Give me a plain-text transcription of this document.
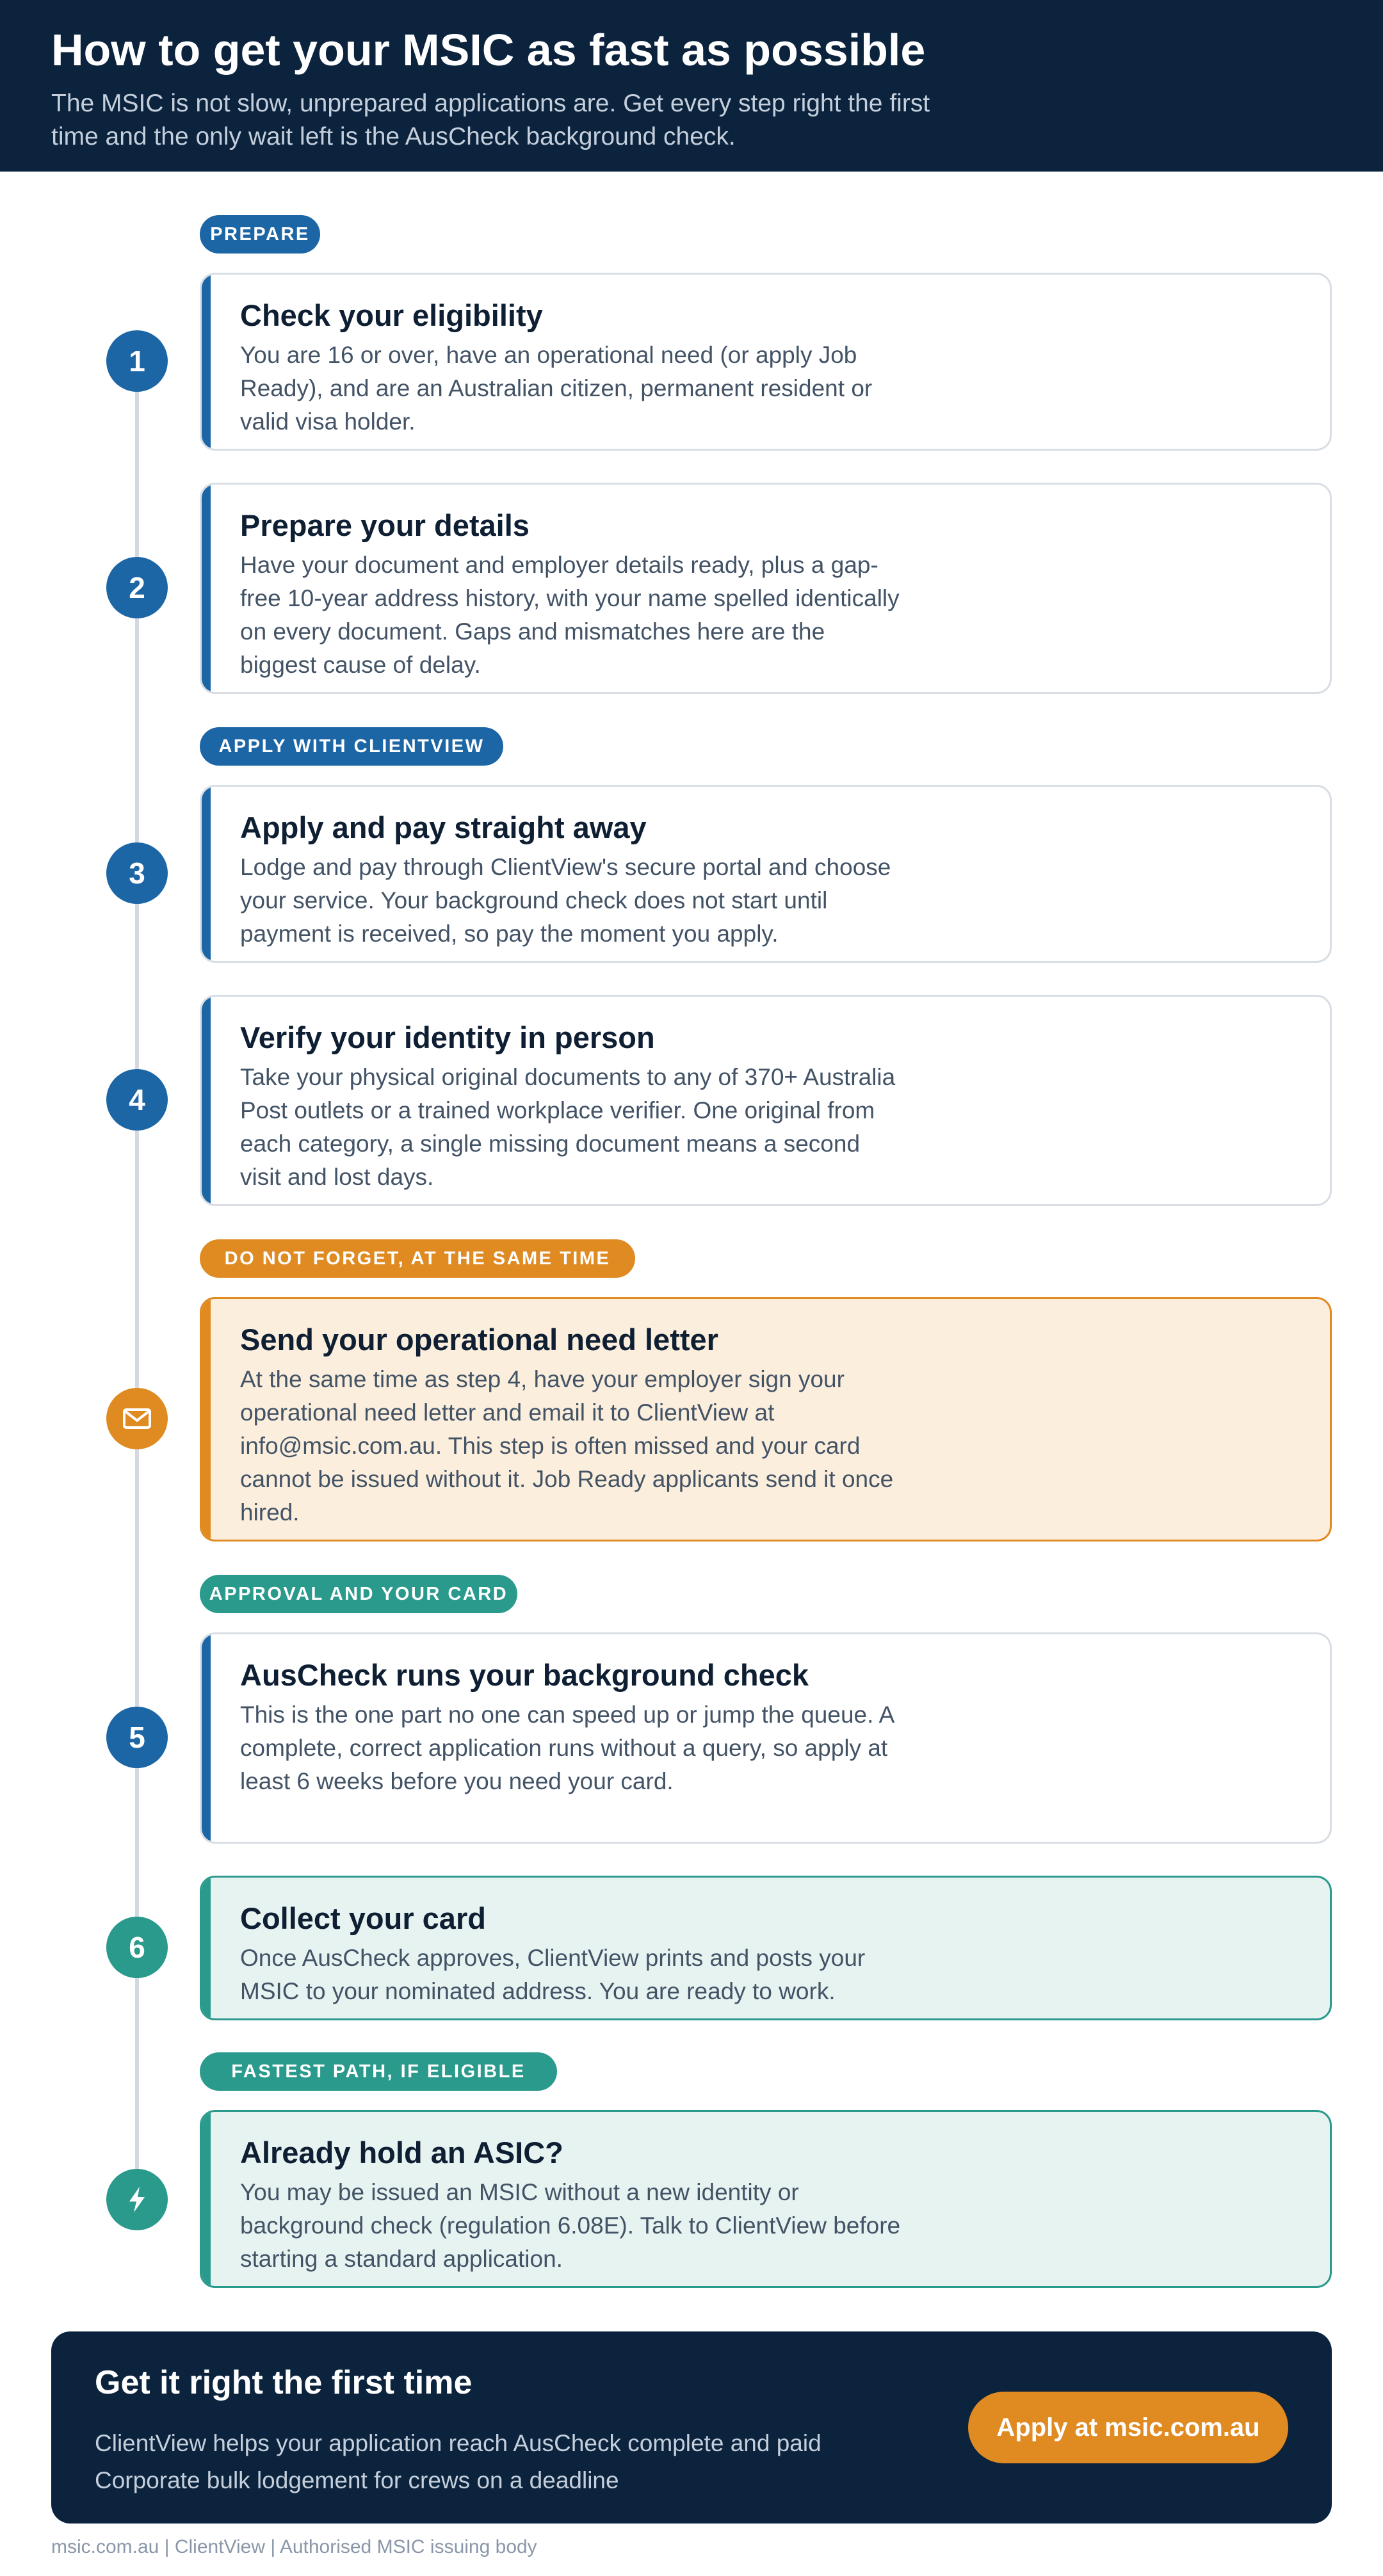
How to get your MSIC as fast as possible

The MSIC is not slow, unprepared applications are. Get every step right the first time and the only wait left is the AusCheck background check.

PREPARE
1
Check your eligibility

You are 16 or over, have an operational need (or apply Job Ready), and are an Australian citizen, permanent resident or valid visa holder.

2
Prepare your details

Have your document and employer details ready, plus a gap-free 10-year address history, with your name spelled identically on every document. Gaps and mismatches here are the biggest cause of delay.

APPLY WITH CLIENTVIEW
3
Apply and pay straight away

Lodge and pay through ClientView's secure portal and choose your service. Your background check does not start until payment is received, so pay the moment you apply.

4
Verify your identity in person

Take your physical original documents to any of 370+ Australia Post outlets or a trained workplace verifier. One original from each category, a single missing document means a second visit and lost days.

DO NOT FORGET, AT THE SAME TIME
Send your operational need letter

At the same time as step 4, have your employer sign your operational need letter and email it to ClientView at info@msic.com.au. This step is often missed and your card cannot be issued without it. Job Ready applicants send it once hired.

APPROVAL AND YOUR CARD
5
AusCheck runs your background check

This is the one part no one can speed up or jump the queue. A complete, correct application runs without a query, so apply at least 6 weeks before you need your card.

6
Collect your card

Once AusCheck approves, ClientView prints and posts your MSIC to your nominated address. You are ready to work.

FASTEST PATH, IF ELIGIBLE
Already hold an ASIC?

You may be issued an MSIC without a new identity or background check (regulation 6.08E). Talk to ClientView before starting a standard application.

Get it right the first time
ClientView helps your application reach AusCheck complete and paid
Corporate bulk lodgement for crews on a deadline
Apply at msic.com.au
msic.com.au | ClientView | Authorised MSIC issuing body
